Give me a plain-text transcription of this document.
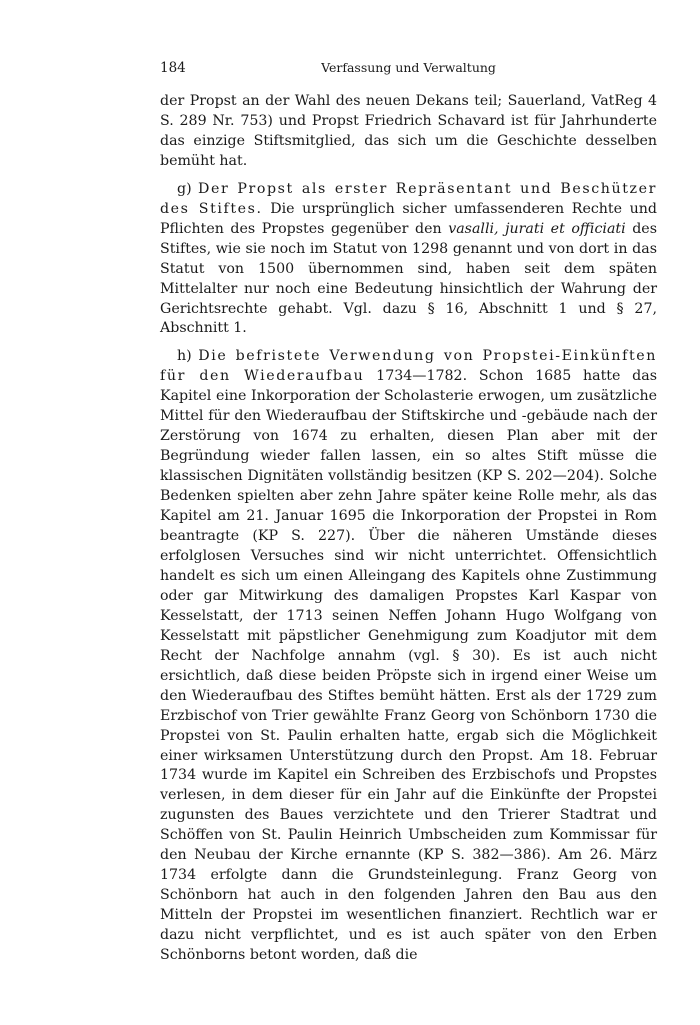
184	Verfassung und Verwaltung

der Propst an der Wahl des neuen Dekans teil; Sauerland, VatReg 4 S. 289 Nr. 753) und Propst Friedrich Schavard ist für Jahrhunderte das einzige Stiftsmitglied, das sich um die Geschichte desselben bemüht hat.

g) Der Propst als erster Repräsentant und Beschützer des Stiftes. Die ursprünglich sicher umfassenderen Rechte und Pflichten des Propstes gegenüber den vasalli, jurati et officiati des Stiftes, wie sie noch im Statut von 1298 genannt und von dort in das Statut von 1500 übernommen sind, haben seit dem späten Mittelalter nur noch eine Bedeutung hinsichtlich der Wahrung der Gerichtsrechte gehabt. Vgl. dazu § 16, Abschnitt 1 und § 27, Abschnitt 1.

h) Die befristete Verwendung von Propstei-Einkünften für den Wiederaufbau 1734—1782. Schon 1685 hatte das Kapitel eine Inkorporation der Scholasterie erwogen, um zusätzliche Mittel für den Wiederaufbau der Stiftskirche und -gebäude nach der Zerstörung von 1674 zu erhalten, diesen Plan aber mit der Begründung wieder fallen lassen, ein so altes Stift müsse die klassischen Dignitäten vollständig besitzen (KP S. 202—204). Solche Bedenken spielten aber zehn Jahre später keine Rolle mehr, als das Kapitel am 21. Januar 1695 die Inkorporation der Propstei in Rom beantragte (KP S. 227). Über die näheren Umstände dieses erfolglosen Versuches sind wir nicht unterrichtet. Offensichtlich handelt es sich um einen Alleingang des Kapitels ohne Zustimmung oder gar Mitwirkung des damaligen Propstes Karl Kaspar von Kesselstatt, der 1713 seinen Neffen Johann Hugo Wolfgang von Kesselstatt mit päpstlicher Genehmigung zum Koadjutor mit dem Recht der Nachfolge annahm (vgl. § 30). Es ist auch nicht ersichtlich, daß diese beiden Pröpste sich in irgend einer Weise um den Wiederaufbau des Stiftes bemüht hätten. Erst als der 1729 zum Erzbischof von Trier gewählte Franz Georg von Schönborn 1730 die Propstei von St. Paulin erhalten hatte, ergab sich die Möglichkeit einer wirksamen Unterstützung durch den Propst. Am 18. Februar 1734 wurde im Kapitel ein Schreiben des Erzbischofs und Propstes verlesen, in dem dieser für ein Jahr auf die Einkünfte der Propstei zugunsten des Baues verzichtete und den Trierer Stadtrat und Schöffen von St. Paulin Heinrich Umbscheiden zum Kommissar für den Neubau der Kirche ernannte (KP S. 382—386). Am 26. März 1734 erfolgte dann die Grundsteinlegung. Franz Georg von Schönborn hat auch in den folgenden Jahren den Bau aus den Mitteln der Propstei im wesentlichen finanziert. Rechtlich war er dazu nicht verpflichtet, und es ist auch später von den Erben Schönborns betont worden, daß die
